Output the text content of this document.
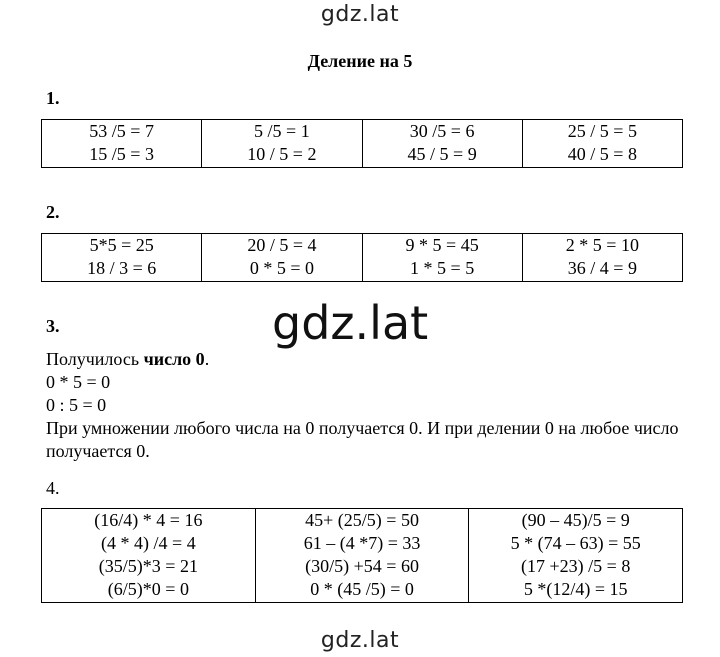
gdz.lat
Деление на 5
1.
53 /5 = 7
15 /5 = 3

5 /5 = 1
10 / 5 = 2

30 /5 = 6
45 / 5 = 9

25 / 5 = 5
40 / 5 = 8
2.
5*5 = 25
18 / 3 = 6

20 / 5 = 4
0 * 5 = 0

9 * 5 = 45
1 * 5 = 5

2 * 5 = 10
36 / 4 = 9
3.	gdz.lat
Получилось число 0.
0 * 5 = 0
0 : 5 = 0
При умножении любого числа на 0 получается 0. И при делении 0 на любое число получается 0.
4.
(16/4) * 4 = 16
(4 * 4) /4 = 4
(35/5)*3 = 21
(6/5)*0 = 0

45+ (25/5) = 50
61 – (4 *7) = 33
(30/5) +54 = 60
0 * (45 /5) = 0

(90 – 45)/5 = 9
5 * (74 – 63) = 55
(17 +23) /5 = 8
5 *(12/4) = 15
gdz.lat
